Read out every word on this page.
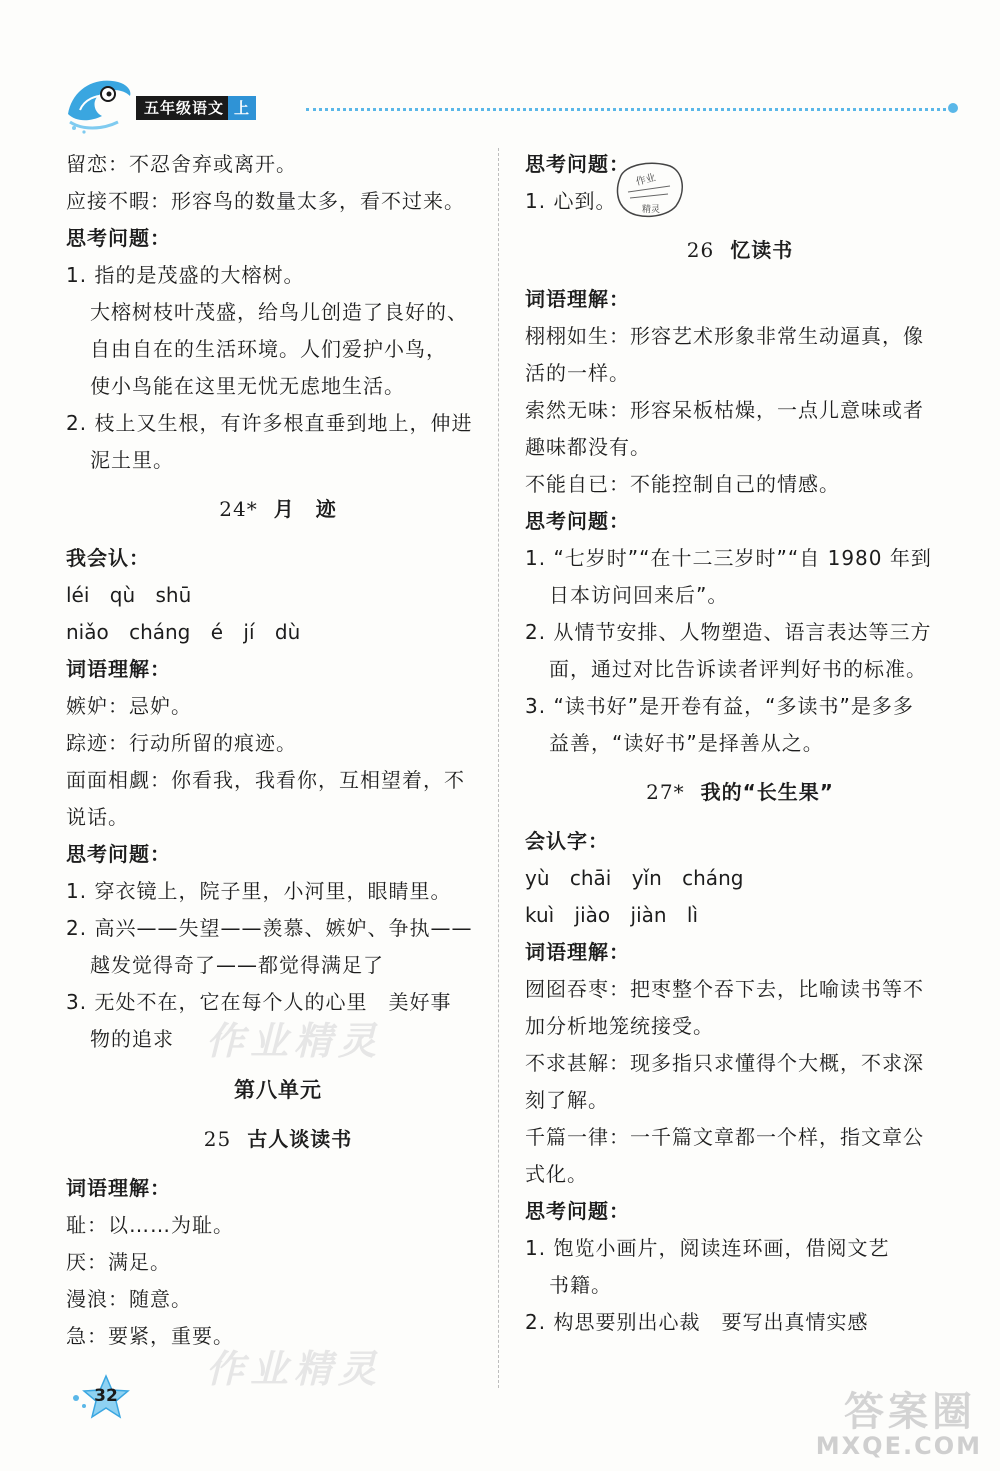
五年级语文 上
留恋：不忍舍弃或离开。
应接不暇：形容鸟的数量太多，看不过来。
思考问题：
1. 指的是茂盛的大榕树。
大榕树枝叶茂盛，给鸟儿创造了良好的、
自由自在的生活环境。人们爱护小鸟，
使小鸟能在这里无忧无虑地生活。
2. 枝上又生根，有许多根直垂到地上，伸进
泥土里。
24* 月　迹
我会认：
léi qù shū
niǎo cháng é jí dù
词语理解：
嫉妒：忌妒。
踪迹：行动所留的痕迹。
面面相觑：你看我，我看你，互相望着，不
说话。
思考问题：
1. 穿衣镜上，院子里，小河里，眼睛里。
2. 高兴——失望——羡慕、嫉妒、争执——
越发觉得奇了——都觉得满足了
3. 无处不在，它在每个人的心里　美好事
物的追求
第八单元
25 古人谈读书
词语理解：
耻：以……为耻。
厌：满足。
漫浪：随意。
急：要紧，重要。
思考问题：
1. 心到。
26 忆读书
词语理解：
栩栩如生：形容艺术形象非常生动逼真，像
活的一样。
索然无味：形容呆板枯燥，一点儿意味或者
趣味都没有。
不能自已：不能控制自己的情感。
思考问题：
1. “七岁时”“在十二三岁时”“自 1980 年到
日本访问回来后”。
2. 从情节安排、人物塑造、语言表达等三方
面，通过对比告诉读者评判好书的标准。
3. “读书好”是开卷有益，“多读书”是多多
益善，“读好书”是择善从之。
27* 我的“长生果”
会认字：
yù chāi yǐn cháng
kuì jiào jiàn lì
词语理解：
囫囵吞枣：把枣整个吞下去，比喻读书等不
加分析地笼统接受。
不求甚解：现多指只求懂得个大概，不求深
刻了解。
千篇一律：一千篇文章都一个样，指文章公
式化。
思考问题：
1. 饱览小画片，阅读连环画，借阅文艺
书籍。
2. 构思要别出心裁　要写出真情实感
作业
精灵
作业精灵
作业精灵
32	答案圈
MXQE.COM
